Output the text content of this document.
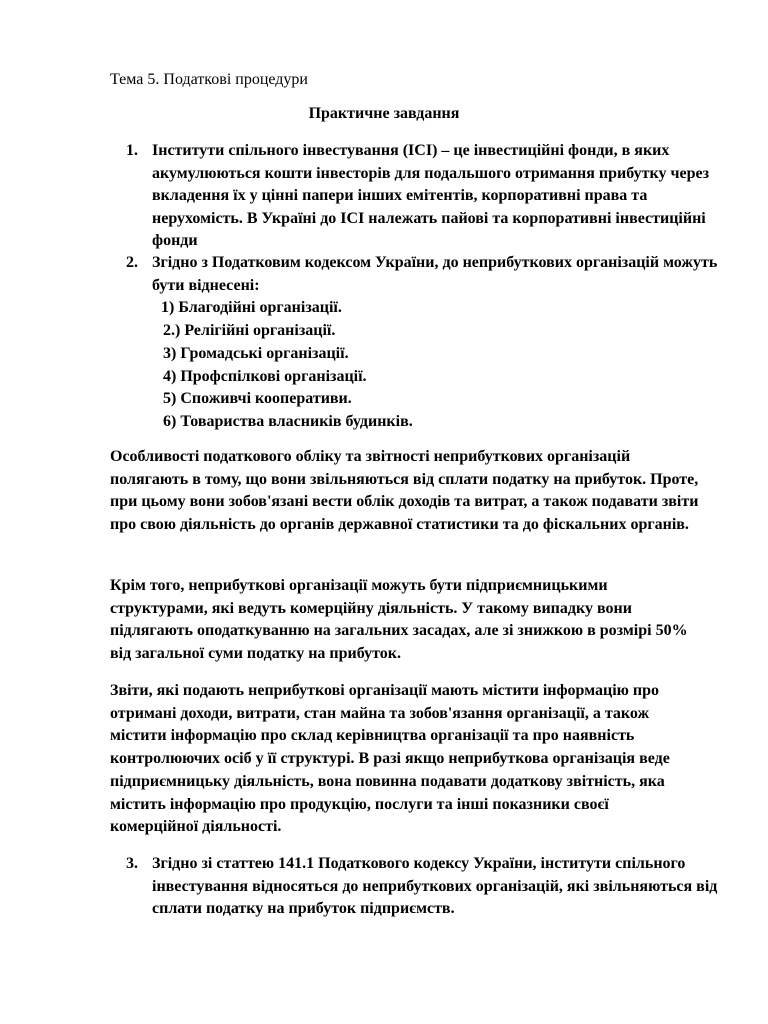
Тема 5. Податкові процедури
Практичне завдання
1. Інститути спільного інвестування (ІСІ) – це інвестиційні фонди, в яких акумулюються кошти інвесторів для подальшого отримання прибутку через вкладення їх у цінні папери інших емітентів, корпоративні права та нерухомість. В Україні до ІСІ належать пайові та корпоративні інвестиційні фонди
2. Згідно з Податковим кодексом України, до неприбуткових організацій можуть бути віднесені:
1) Благодійні організації.
2.) Релігійні організації.
3) Громадські організації.
4) Профспілкові організації.
5) Споживчі кооперативи.
6) Товариства власників будинків.
Особливості податкового обліку та звітності неприбуткових організацій полягають в тому, що вони звільняються від сплати податку на прибуток. Проте, при цьому вони зобов'язані вести облік доходів та витрат, а також подавати звіти про свою діяльність до органів державної статистики та до фіскальних органів.
Крім того, неприбуткові організації можуть бути підприємницькими структурами, які ведуть комерційну діяльність. У такому випадку вони підлягають оподаткуванню на загальних засадах, але зі знижкою в розмірі 50% від загальної суми податку на прибуток.
Звіти, які подають неприбуткові організації мають містити інформацію про отримані доходи, витрати, стан майна та зобов'язання організації, а також містити інформацію про склад керівництва організації та про наявність контролюючих осіб у її структурі. В разі якщо неприбуткова організація веде підприємницьку діяльність, вона повинна подавати додаткову звітність, яка містить інформацію про продукцію, послуги та інші показники своєї комерційної діяльності.
3. Згідно зі статтею 141.1 Податкового кодексу України, інститути спільного інвестування відносяться до неприбуткових організацій, які звільняються від сплати податку на прибуток підприємств.
